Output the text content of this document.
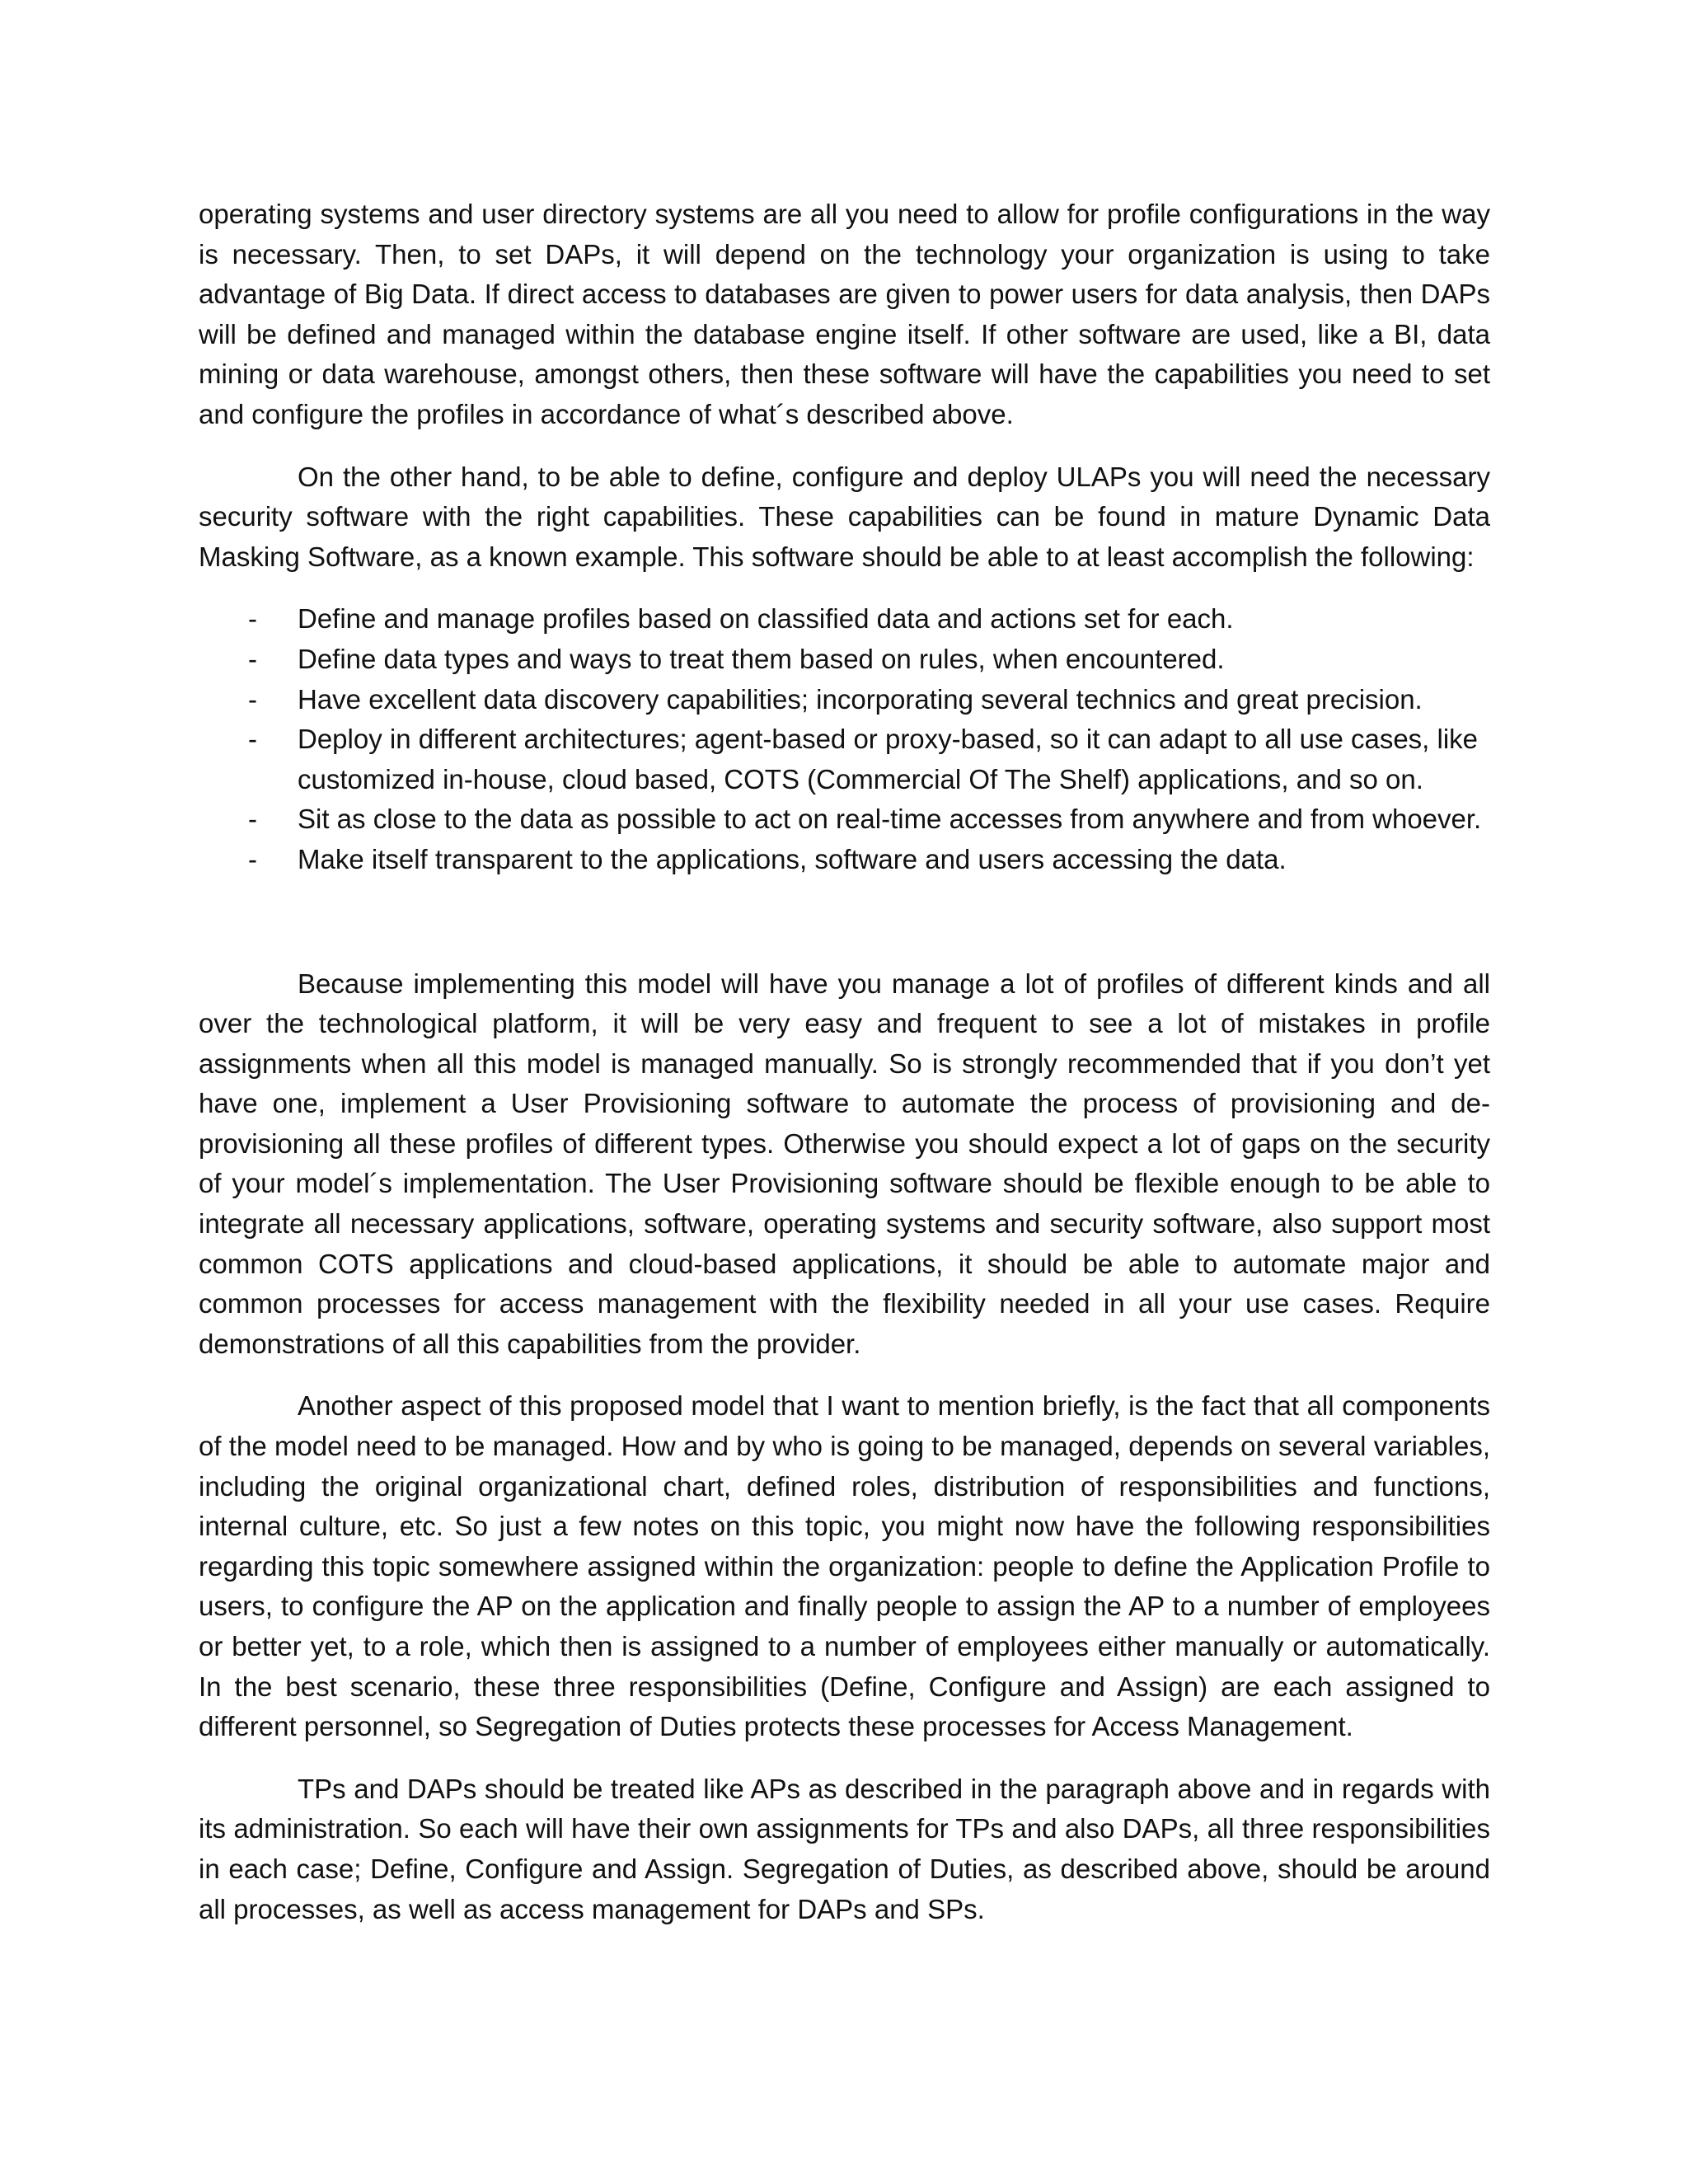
operating systems and user directory systems are all you need to allow for profile configurations in the way is necessary. Then, to set DAPs, it will depend on the technology your organization is using to take advantage of Big Data. If direct access to databases are given to power users for data analysis, then DAPs will be defined and managed within the database engine itself. If other software are used, like a BI, data mining or data warehouse, amongst others, then these software will have the capabilities you need to set and configure the profiles in accordance of what´s described above.

On the other hand, to be able to define, configure and deploy ULAPs you will need the necessary security software with the right capabilities. These capabilities can be found in mature Dynamic Data Masking Software, as a known example. This software should be able to at least accomplish the following:

- Define and manage profiles based on classified data and actions set for each.
- Define data types and ways to treat them based on rules, when encountered.
- Have excellent data discovery capabilities; incorporating several technics and great precision.
- Deploy in different architectures; agent-based or proxy-based, so it can adapt to all use cases, like customized in-house, cloud based, COTS (Commercial Of The Shelf) applications, and so on.
- Sit as close to the data as possible to act on real-time accesses from anywhere and from whoever.
- Make itself transparent to the applications, software and users accessing the data.

Because implementing this model will have you manage a lot of profiles of different kinds and all over the technological platform, it will be very easy and frequent to see a lot of mistakes in profile assignments when all this model is managed manually. So is strongly recommended that if you don’t yet have one, implement a User Provisioning software to automate the process of provisioning and de-provisioning all these profiles of different types. Otherwise you should expect a lot of gaps on the security of your model´s implementation. The User Provisioning software should be flexible enough to be able to integrate all necessary applications, software, operating systems and security software, also support most common COTS applications and cloud-based applications, it should be able to automate major and common processes for access management with the flexibility needed in all your use cases. Require demonstrations of all this capabilities from the provider.

Another aspect of this proposed model that I want to mention briefly, is the fact that all components of the model need to be managed. How and by who is going to be managed, depends on several variables, including the original organizational chart, defined roles, distribution of responsibilities and functions, internal culture, etc. So just a few notes on this topic, you might now have the following responsibilities regarding this topic somewhere assigned within the organization: people to define the Application Profile to users, to configure the AP on the application and finally people to assign the AP to a number of employees or better yet, to a role, which then is assigned to a number of employees either manually or automatically. In the best scenario, these three responsibilities (Define, Configure and Assign) are each assigned to different personnel, so Segregation of Duties protects these processes for Access Management.

TPs and DAPs should be treated like APs as described in the paragraph above and in regards with its administration. So each will have their own assignments for TPs and also DAPs, all three responsibilities in each case; Define, Configure and Assign. Segregation of Duties, as described above, should be around all processes, as well as access management for DAPs and SPs.
